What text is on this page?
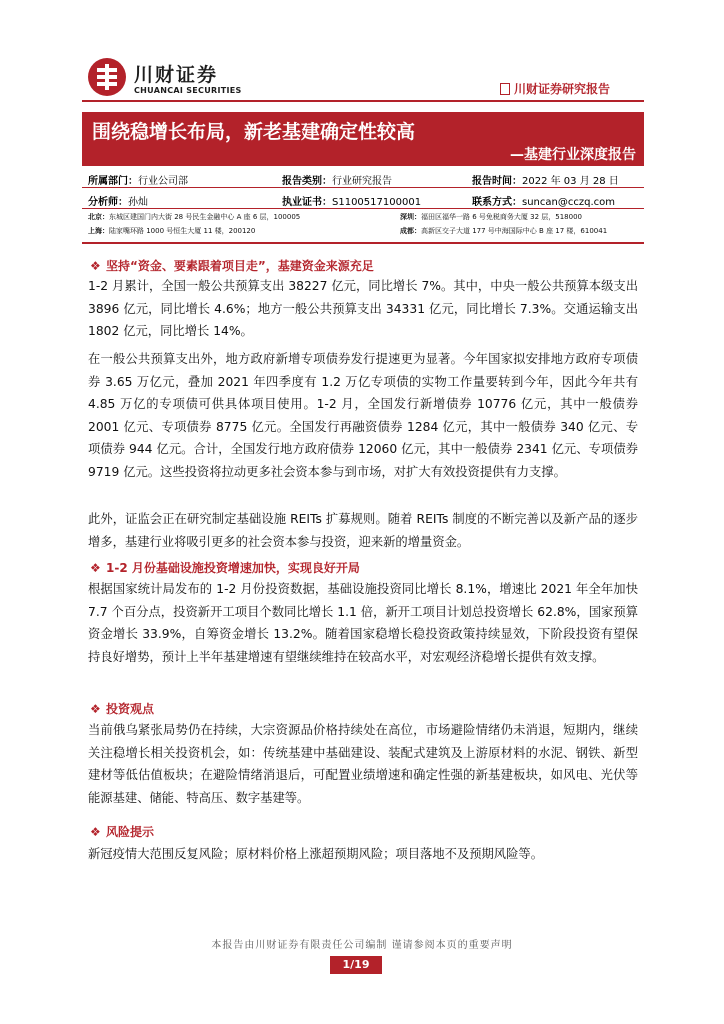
川财证券
CHUANCAI SECURITIES	川财证券研究报告
围绕稳增长布局，新老基建确定性较高
—基建行业深度报告
所属部门：行业公司部	报告类别：行业研究报告	报告时间：2022 年 03 月 28 日
分析师：孙灿	执业证书：S1100517100001	联系方式：suncan@cczq.com
北京：东城区建国门内大街 28 号民生金融中心 A 座 6 层，100005	深圳：福田区福华一路 6 号免税商务大厦 32 层，518000
上海：陆家嘴环路 1000 号恒生大厦 11 楼，200120	成都：高新区交子大道 177 号中海国际中心 B 座 17 楼，610041
❖ 坚持“资金、要素跟着项目走”，基建资金来源充足
1-2 月累计，全国一般公共预算支出 38227 亿元，同比增长 7%。其中，中央一般公共预算本级支出 3896 亿元，同比增长 4.6%；地方一般公共预算支出 34331 亿元，同比增长 7.3%。交通运输支出 1802 亿元，同比增长 14%。
在一般公共预算支出外，地方政府新增专项债券发行提速更为显著。今年国家拟安排地方政府专项债券 3.65 万亿元，叠加 2021 年四季度有 1.2 万亿专项债的实物工作量要转到今年，因此今年共有 4.85 万亿的专项债可供具体项目使用。1-2 月，全国发行新增债券 10776 亿元，其中一般债券 2001 亿元、专项债券 8775 亿元。全国发行再融资债券 1284 亿元，其中一般债券 340 亿元、专项债券 944 亿元。合计，全国发行地方政府债券 12060 亿元，其中一般债券 2341 亿元、专项债券 9719 亿元。这些投资将拉动更多社会资本参与到市场，对扩大有效投资提供有力支撑。
此外，证监会正在研究制定基础设施 REITs 扩募规则。随着 REITs 制度的不断完善以及新产品的逐步增多，基建行业将吸引更多的社会资本参与投资，迎来新的增量资金。
❖ 1-2 月份基础设施投资增速加快，实现良好开局
根据国家统计局发布的 1-2 月份投资数据，基础设施投资同比增长 8.1%，增速比 2021 年全年加快 7.7 个百分点，投资新开工项目个数同比增长 1.1 倍，新开工项目计划总投资增长 62.8%，国家预算资金增长 33.9%，自筹资金增长 13.2%。随着国家稳增长稳投资政策持续显效，下阶段投资有望保持良好增势，预计上半年基建增速有望继续维持在较高水平，对宏观经济稳增长提供有效支撑。
❖ 投资观点
当前俄乌紧张局势仍在持续，大宗资源品价格持续处在高位，市场避险情绪仍未消退，短期内，继续关注稳增长相关投资机会，如：传统基建中基础建设、装配式建筑及上游原材料的水泥、钢铁、新型建材等低估值板块；在避险情绪消退后，可配置业绩增速和确定性强的新基建板块，如风电、光伏等能源基建、储能、特高压、数字基建等。
❖ 风险提示
新冠疫情大范围反复风险；原材料价格上涨超预期风险；项目落地不及预期风险等。
本报告由川财证券有限责任公司编制 谨请参阅本页的重要声明
1/19
